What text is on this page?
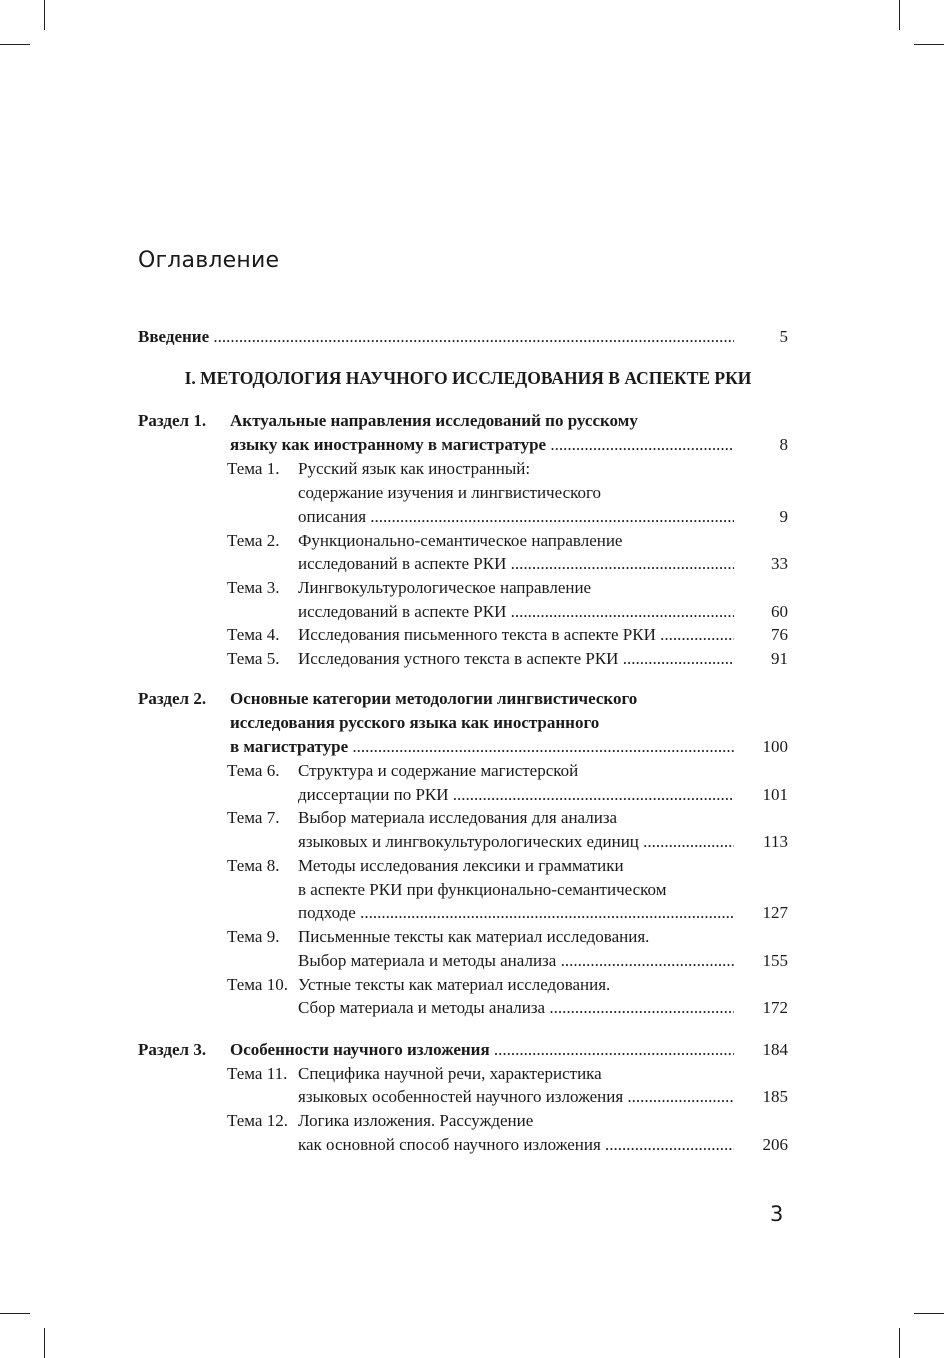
Оглавление
Введение .....	5
I. МЕТОДОЛОГИЯ НАУЧНОГО ИССЛЕДОВАНИЯ В АСПЕКТЕ РКИ
Раздел 1. Актуальные направления исследований по русскому
языку как иностранному в магистратуре .....	8
Тема 1. Русский язык как иностранный:
содержание изучения и лингвистического
описания .....	9
Тема 2. Функционально-семантическое направление
исследований в аспекте РКИ .....	33
Тема 3. Лингвокультурологическое направление
исследований в аспекте РКИ .....	60
Тема 4. Исследования письменного текста в аспекте РКИ .....	76
Тема 5. Исследования устного текста в аспекте РКИ .....	91
Раздел 2. Основные категории методологии лингвистического
исследования русского языка как иностранного
в магистратуре .....	100
Тема 6. Структура и содержание магистерской
диссертации по РКИ .....	101
Тема 7. Выбор материала исследования для анализа
языковых и лингвокультурологических единиц .....	113
Тема 8. Методы исследования лексики и грамматики
в аспекте РКИ при функционально-семантическом
подходе .....	127
Тема 9. Письменные тексты как материал исследования.
Выбор материала и методы анализа .....	155
Тема 10. Устные тексты как материал исследования.
Сбор материала и методы анализа .....	172
Раздел 3. Особенности научного изложения .....	184
Тема 11. Специфика научной речи, характеристика
языковых особенностей научного изложения .....	185
Тема 12. Логика изложения. Рассуждение
как основной способ научного изложения .....	206
3
